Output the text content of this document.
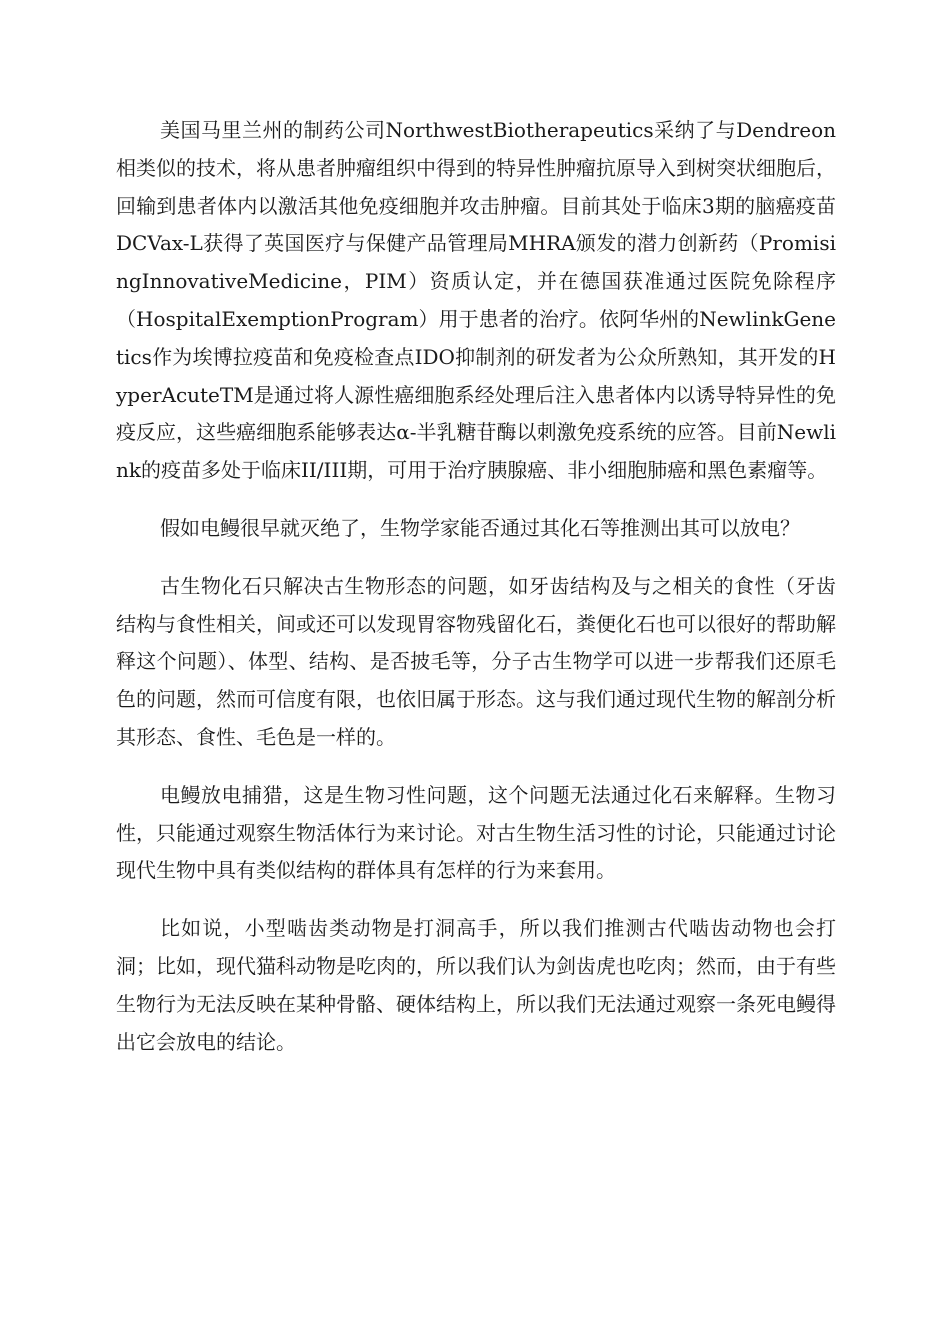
美国马里兰州的制药公司NorthwestBiotherapeutics采纳了与Dendreon相类似的技术，将从患者肿瘤组织中得到的特异性肿瘤抗原导入到树突状细胞后，回输到患者体内以激活其他免疫细胞并攻击肿瘤。目前其处于临床3期的脑癌疫苗DCVax-L获得了英国医疗与保健产品管理局MHRA颁发的潜力创新药（PromisingInnovativeMedicine，PIM）资质认定，并在德国获准通过医院免除程序（HospitalExemptionProgram）用于患者的治疗。依阿华州的NewlinkGenetics作为埃博拉疫苗和免疫检查点IDO抑制剂的研发者为公众所熟知，其开发的HyperAcuteTM是通过将人源性癌细胞系经处理后注入患者体内以诱导特异性的免疫反应，这些癌细胞系能够表达α-半乳糖苷酶以刺激免疫系统的应答。目前Newlink的疫苗多处于临床II/III期，可用于治疗胰腺癌、非小细胞肺癌和黑色素瘤等。

假如电鳗很早就灭绝了，生物学家能否通过其化石等推测出其可以放电？

古生物化石只解决古生物形态的问题，如牙齿结构及与之相关的食性（牙齿结构与食性相关，间或还可以发现胃容物残留化石，粪便化石也可以很好的帮助解释这个问题）、体型、结构、是否披毛等，分子古生物学可以进一步帮我们还原毛色的问题，然而可信度有限，也依旧属于形态。这与我们通过现代生物的解剖分析其形态、食性、毛色是一样的。

电鳗放电捕猎，这是生物习性问题，这个问题无法通过化石来解释。生物习性，只能通过观察生物活体行为来讨论。对古生物生活习性的讨论，只能通过讨论现代生物中具有类似结构的群体具有怎样的行为来套用。

比如说，小型啮齿类动物是打洞高手，所以我们推测古代啮齿动物也会打洞；比如，现代猫科动物是吃肉的，所以我们认为剑齿虎也吃肉；然而，由于有些生物行为无法反映在某种骨骼、硬体结构上，所以我们无法通过观察一条死电鳗得出它会放电的结论。
